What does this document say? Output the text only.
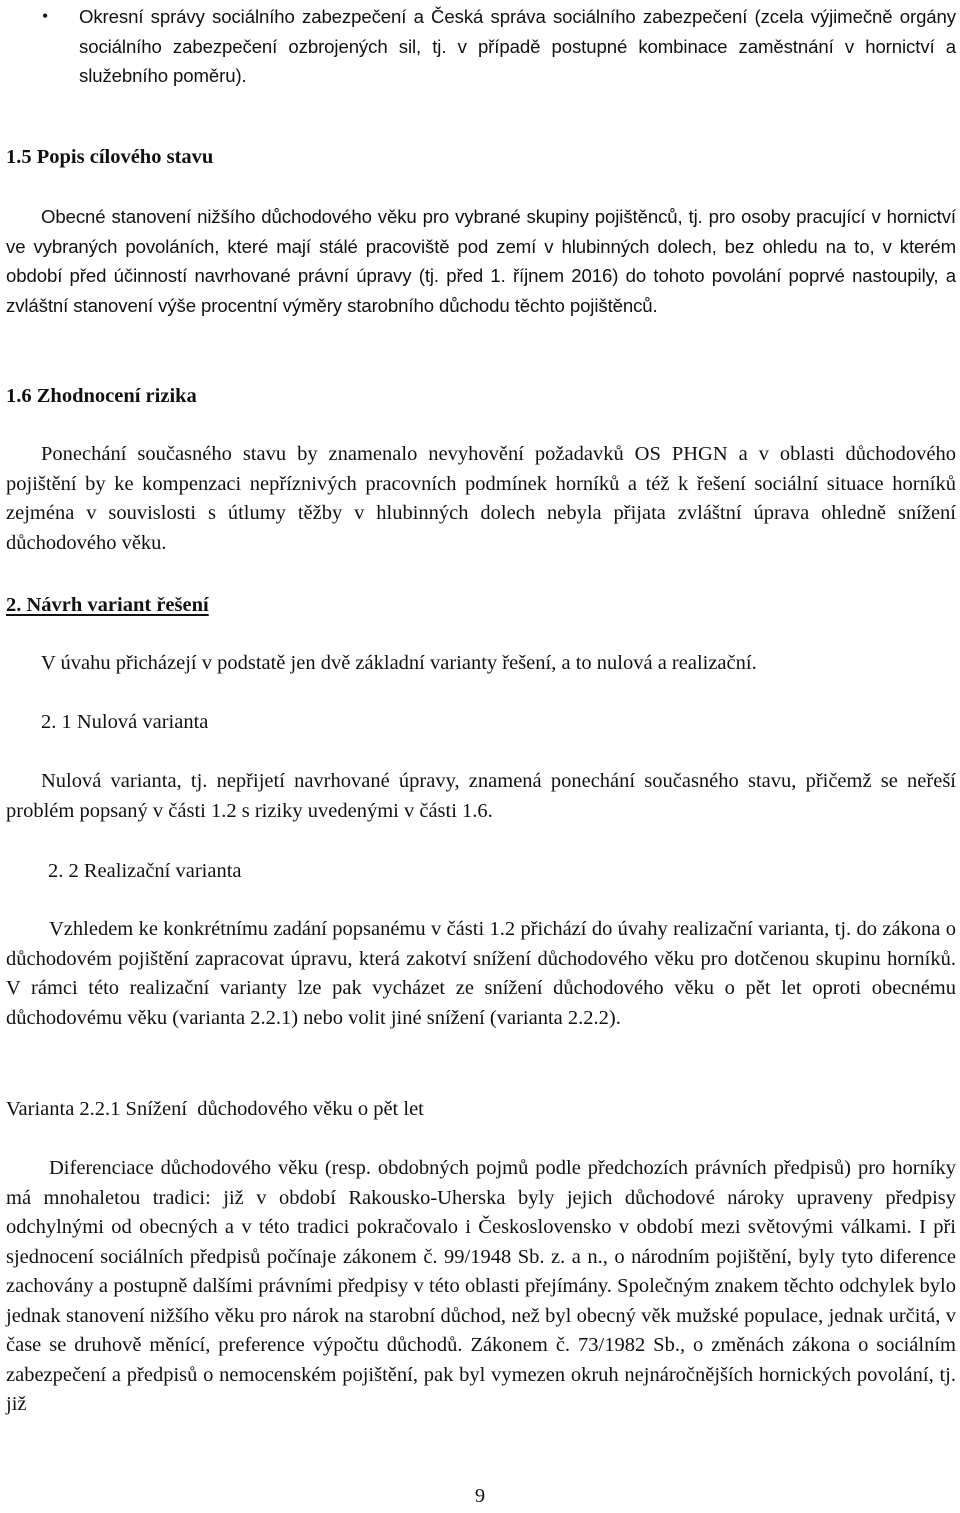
• Okresní správy sociálního zabezpečení a Česká správa sociálního zabezpečení (zcela výjimečně orgány sociálního zabezpečení ozbrojených sil, tj. v případě postupné kombinace zaměstnání v hornictví a služebního poměru).

1.5 Popis cílového stavu

Obecné stanovení nižšího důchodového věku pro vybrané skupiny pojištěnců, tj. pro osoby pracující v hornictví ve vybraných povoláních, které mají stálé pracoviště pod zemí v hlubinných dolech, bez ohledu na to, v kterém období před účinností navrhované právní úpravy (tj. před 1. říjnem 2016) do tohoto povolání poprvé nastoupily, a zvláštní stanovení výše procentní výměry starobního důchodu těchto pojištěnců.

1.6 Zhodnocení rizika

Ponechání současného stavu by znamenalo nevyhovění požadavků OS PHGN a v oblasti důchodového pojištění by ke kompenzaci nepříznivých pracovních podmínek horníků a též k řešení sociální situace horníků zejména v souvislosti s útlumy těžby v hlubinných dolech nebyla přijata zvláštní úprava ohledně snížení důchodového věku.

2. Návrh variant řešení

V úvahu přicházejí v podstatě jen dvě základní varianty řešení, a to nulová a realizační.

2. 1 Nulová varianta

Nulová varianta, tj. nepřijetí navrhované úpravy, znamená ponechání současného stavu, přičemž se neřeší problém popsaný v části 1.2 s riziky uvedenými v části 1.6.

2. 2 Realizační varianta

Vzhledem ke konkrétnímu zadání popsanému v části 1.2 přichází do úvahy realizační varianta, tj. do zákona o důchodovém pojištění zapracovat úpravu, která zakotví snížení důchodového věku pro dotčenou skupinu horníků. V rámci této realizační varianty lze pak vycházet ze snížení důchodového věku o pět let oproti obecnému důchodovému věku (varianta 2.2.1) nebo volit jiné snížení (varianta 2.2.2).

Varianta 2.2.1 Snížení  důchodového věku o pět let

Diferenciace důchodového věku (resp. obdobných pojmů podle předchozích právních předpisů) pro horníky má mnohaletou tradici: již v období Rakousko-Uherska byly jejich důchodové nároky upraveny předpisy odchylnými od obecných a v této tradici pokračovalo i Československo v období mezi světovými válkami. I při sjednocení sociálních předpisů počínaje zákonem č. 99/1948 Sb. z. a n., o národním pojištění, byly tyto diference zachovány a postupně dalšími právními předpisy v této oblasti přejímány. Společným znakem těchto odchylek bylo jednak stanovení nižšího věku pro nárok na starobní důchod, než byl obecný věk mužské populace, jednak určitá, v čase se druhově měnící, preference výpočtu důchodů. Zákonem č. 73/1982 Sb., o změnách zákona o sociálním zabezpečení a předpisů o nemocenském pojištění, pak byl vymezen okruh nejnáročnějších hornických povolání, tj. již

9
